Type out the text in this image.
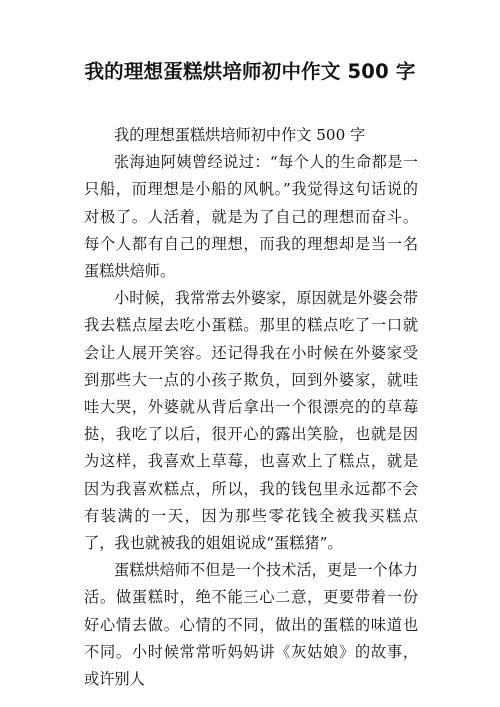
我的理想蛋糕烘培师初中作文 500 字

我的理想蛋糕烘培师初中作文 500 字

张海迪阿姨曾经说过：“每个人的生命都是一只船，而理想是小船的风帆。”我觉得这句话说的对极了。人活着，就是为了自己的理想而奋斗。每个人都有自己的理想，而我的理想却是当一名蛋糕烘焙师。

小时候，我常常去外婆家，原因就是外婆会带我去糕点屋去吃小蛋糕。那里的糕点吃了一口就会让人展开笑容。还记得我在小时候在外婆家受到那些大一点的小孩子欺负，回到外婆家，就哇哇大哭，外婆就从背后拿出一个很漂亮的的草莓挞，我吃了以后，很开心的露出笑脸，也就是因为这样，我喜欢上草莓，也喜欢上了糕点，就是因为我喜欢糕点，所以，我的钱包里永远都不会有装满的一天，因为那些零花钱全被我买糕点了，我也就被我的姐姐说成“蛋糕猪”。

蛋糕烘焙师不但是一个技术活，更是一个体力活。做蛋糕时，绝不能三心二意，更要带着一份好心情去做。心情的不同，做出的蛋糕的味道也不同。小时候常常听妈妈讲《灰姑娘》的故事，或许别人
